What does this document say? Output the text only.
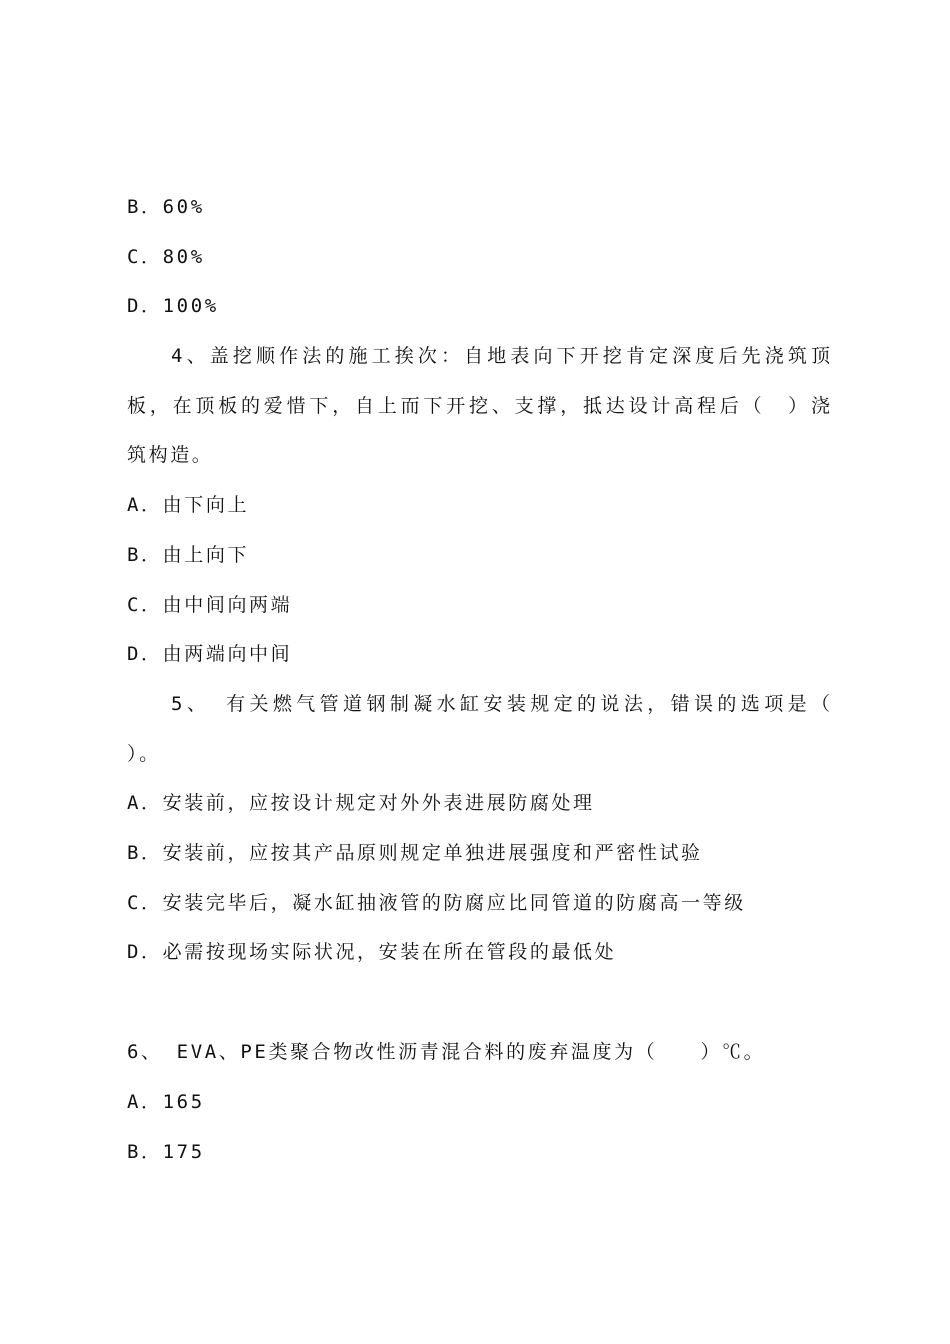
B．60%
C．80%
D．100%
4、盖挖顺作法的施工挨次：自地表向下开挖肯定深度后先浇筑顶
板，在顶板的爱惜下，自上而下开挖、支撑，抵达设计高程后（　）浇
筑构造。
A．由下向上
B．由上向下
C．由中间向两端
D．由两端向中间
5、 有关燃气管道钢制凝水缸安装规定的说法，错误的选项是（
）。
A．安装前，应按设计规定对外外表进展防腐处理
B．安装前，应按其产品原则规定单独进展强度和严密性试验
C．安装完毕后，凝水缸抽液管的防腐应比同管道的防腐高一等级
D．必需按现场实际状况，安装在所在管段的最低处
6、 EVA、PE类聚合物改性沥青混合料的废弃温度为（　　）℃。
A．165
B．175
